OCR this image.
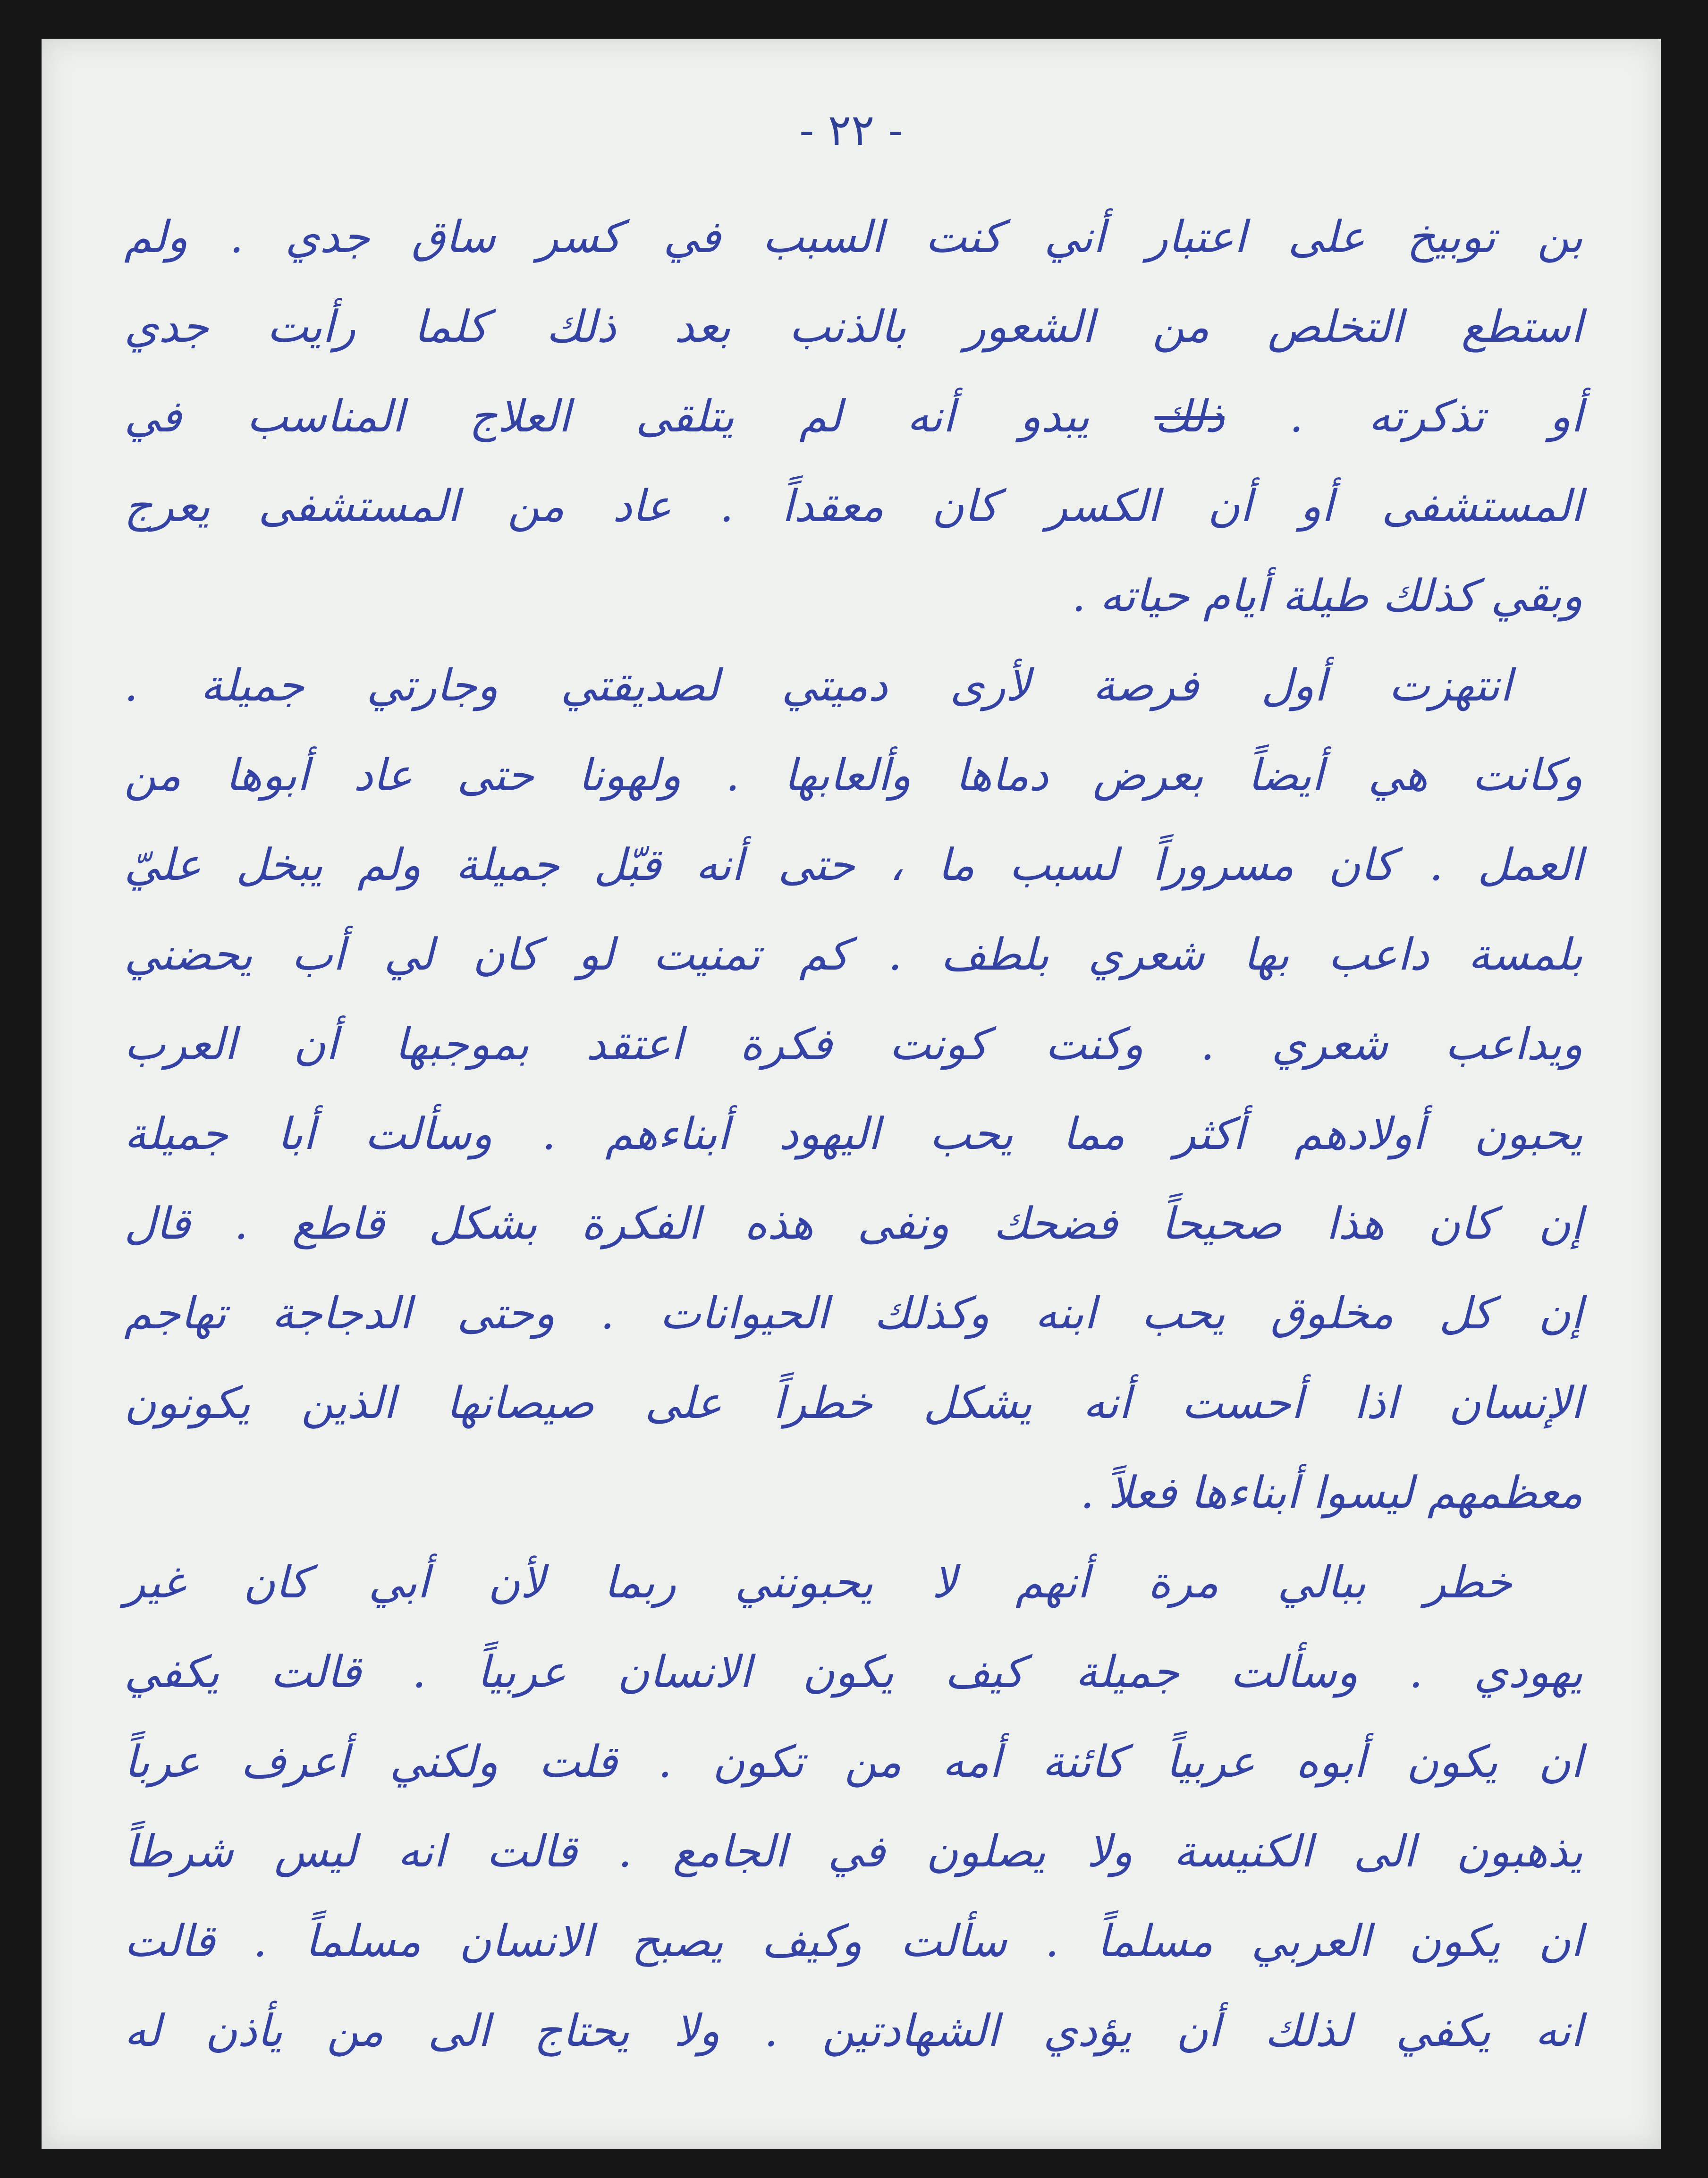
- ٢٢ -
بن توبيخ على اعتبار أني كنت السبب في كسر ساق جدي . ولم
استطع التخلص من الشعور بالذنب بعد ذلك كلما رأيت جدي
أو تذكرته . ذلك يبدو أنه لم يتلقى العلاج المناسب في
المستشفى أو أن الكسر كان معقداً . عاد من المستشفى يعرج
وبقي كذلك طيلة أيام حياته .
انتهزت أول فرصة لأرى دميتي لصديقتي وجارتي جميلة .
وكانت هي أيضاً بعرض دماها وألعابها . ولهونا حتى عاد أبوها من
العمل . كان مسروراً لسبب ما ، حتى أنه قبّل جميلة ولم يبخل عليّ
بلمسة داعب بها شعري بلطف . كم تمنيت لو كان لي أب يحضني
ويداعب شعري . وكنت كونت فكرة اعتقد بموجبها أن العرب
يحبون أولادهم أكثر مما يحب اليهود أبناءهم . وسألت أبا جميلة
إن كان هذا صحيحاً فضحك ونفى هذه الفكرة بشكل قاطع . قال
إن كل مخلوق يحب ابنه وكذلك الحيوانات . وحتى الدجاجة تهاجم
الإنسان اذا أحست أنه يشكل خطراً على صيصانها الذين يكونون
معظمهم ليسوا أبناءها فعلاً .
خطر ببالي مرة أنهم لا يحبونني ربما لأن أبي كان غير
يهودي . وسألت جميلة كيف يكون الانسان عربياً . قالت يكفي
ان يكون أبوه عربياً كائنة أمه من تكون . قلت ولكني أعرف عرباً
يذهبون الى الكنيسة ولا يصلون في الجامع . قالت انه ليس شرطاً
ان يكون العربي مسلماً . سألت وكيف يصبح الانسان مسلماً . قالت
انه يكفي لذلك أن يؤدي الشهادتين . ولا يحتاج الى من يأذن له
